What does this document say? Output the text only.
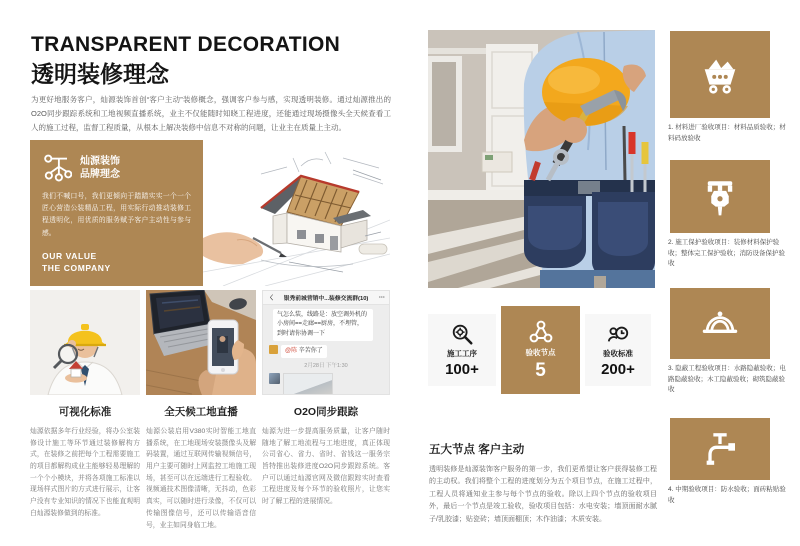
TRANSPARENT DECORATION
透明装修理念
为更好地服务客户，灿源装饰首创“客户主动”装修概念，强调客户参与感，实现透明装修。通过灿源推出的O2O同步跟踪系统和工地视频直播系统，业主不仅能随时知晓工程进度，还能通过现场摄像头全天候查看工人的施工过程，监督工程质量，从根本上解决装修中信息不对称的问题，让业主在质量上主动。
灿源装饰
品牌理念
我们不喊口号，我们更倾向于踏踏实实一个一个匠心营造公装精品工程，用实际行动推动装修工程透明化，用优质的服务赋予客户主动性与参与感。
OUR VALUE
THE COMPANY
〈 银秀前城营销中...装修交流群(10) ···
气怎么装，线路是：放空调外机的小房间==走廊==厨房，不埋管，到时请你协调一下
@陈 辛苦你了
2月28日 下午1:30
可视化标准	全天候工地直播	O2O同步跟踪
灿源依据多年行业经验，将办公室装修设计施工等环节通过装修解构方式，在装修之前把每个工程需要施工的项目都解构成业主能够轻易理解的一个个小模块，并将各项施工标准以现场样式图片的方式进行展示，让客户没有专业知识的情况下也能直观明白灿源装修做到的标准。
灿源公装启用V380实时智能工地直播系统，在工地现场安装摄像头及解码装置，通过互联网传输视频信号，用户主要可随时上网监控工地施工现场，甚至可以在远端进行工程验收。视频通技术图像清晰，无抖动，色彩真实，可以随时进行录像，不仅可以传输图像信号，还可以传输语音信号，业主如同身临工地。
灿源为进一步提高服务质量，让客户随时随地了解工地流程与工地进度，真正体现公司省心、省力、省时、省钱这一服务宗旨特推出装修进度O2O同步跟踪系统。客户可以通过灿源官网及微信跟踪实时查看工程进度及每个环节的验收照片，让您实时了解工程的进展情况。
施工工序
100+
验收节点
5
验收标准
200+
五大节点 客户主动
透明装修是灿源装饰客户服务的第一步，我们更希望让客户获得装修工程的主动权。我们将整个工程的进度划分为五个项目节点，在施工过程中，工程人员将通知业主参与每个节点的验收。除以上四个节点的验收项目外，最后一个节点是竣工验收，验收项目包括：水电安装；墙顶面耐水腻子/乳胶漆；贴瓷砖；墙顶面棚顶；木作油漆；木质安装。
1. 材料进厂验收项目：材料品质验收；材料码放验收
2. 施工保护验收项目：装修材料保护验收；整体完工保护验收；消防设备保护验收
3. 隐蔽工程验收项目：水路隐蔽验收；电路隐蔽验收；木工隐蔽验收；砌筑隐蔽验收
4. 中期验收项目：防水验收；面砖粘贴验收
